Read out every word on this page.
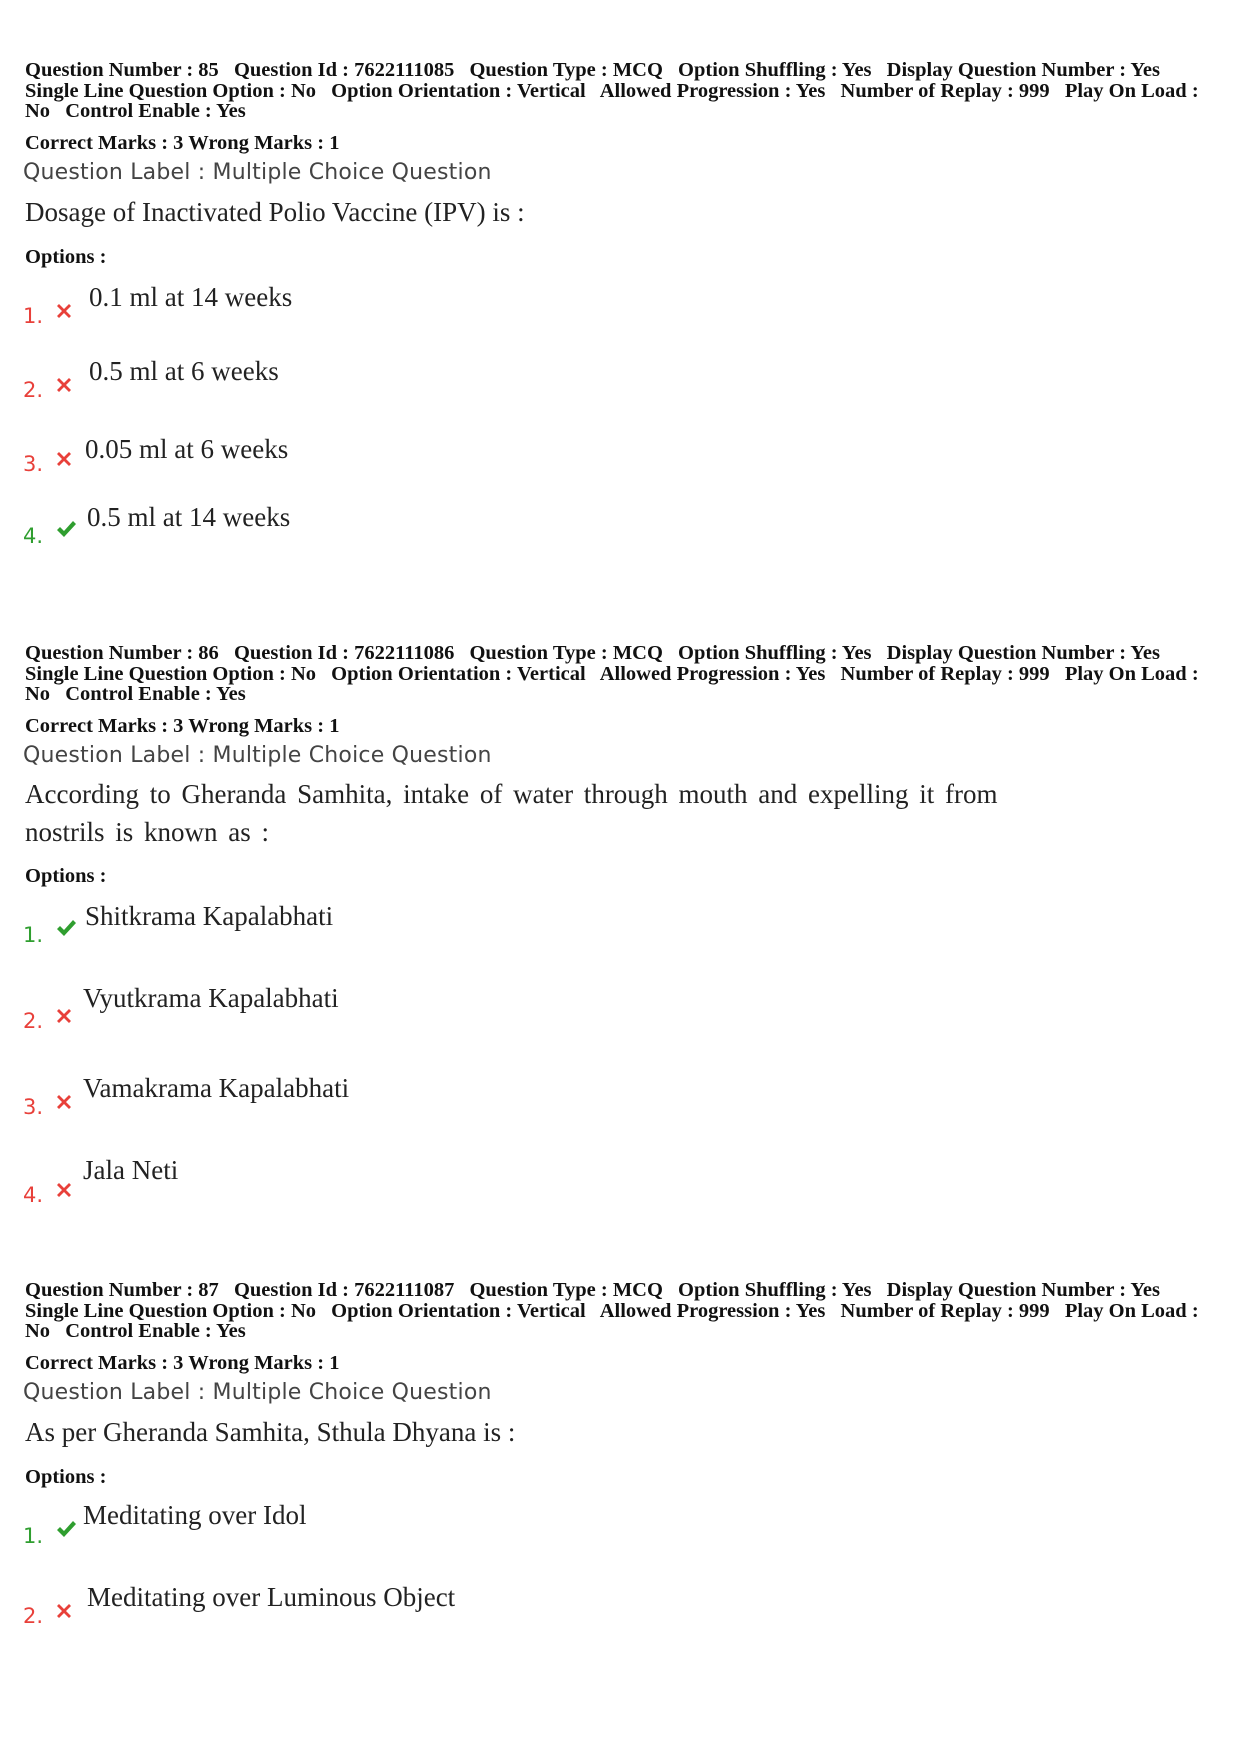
Question Number : 85 Question Id : 7622111085 Question Type : MCQ Option Shuffling : Yes Display Question Number : Yes Single Line Question Option : No Option Orientation : Vertical Allowed Progression : Yes Number of Replay : 999 Play On Load : No Control Enable : Yes

Correct Marks : 3 Wrong Marks : 1
Question Label : Multiple Choice Question
Dosage of Inactivated Polio Vaccine (IPV) is :
Options :
1.
0.1 ml at 14 weeks
2.
0.5 ml at 6 weeks
3. 0.05 ml at 6 weeks
4.
0.5 ml at 14 weeks

Question Number : 86 Question Id : 7622111086 Question Type : MCQ Option Shuffling : Yes Display Question Number : Yes Single Line Question Option : No Option Orientation : Vertical Allowed Progression : Yes Number of Replay : 999 Play On Load : No Control Enable : Yes

Correct Marks : 3 Wrong Marks : 1
Question Label : Multiple Choice Question
According to Gheranda Samhita, intake of water through mouth and expelling it from nostrils is known as :
Options :
1.
Shitkrama Kapalabhati
2.
Vyutkrama Kapalabhati
3.
Vamakrama Kapalabhati
4.
Jala Neti

Question Number : 87 Question Id : 7622111087 Question Type : MCQ Option Shuffling : Yes Display Question Number : Yes Single Line Question Option : No Option Orientation : Vertical Allowed Progression : Yes Number of Replay : 999 Play On Load : No Control Enable : Yes

Correct Marks : 3 Wrong Marks : 1
Question Label : Multiple Choice Question
As per Gheranda Samhita, Sthula Dhyana is :
Options :
1.
Meditating over Idol
2.
Meditating over Luminous Object
